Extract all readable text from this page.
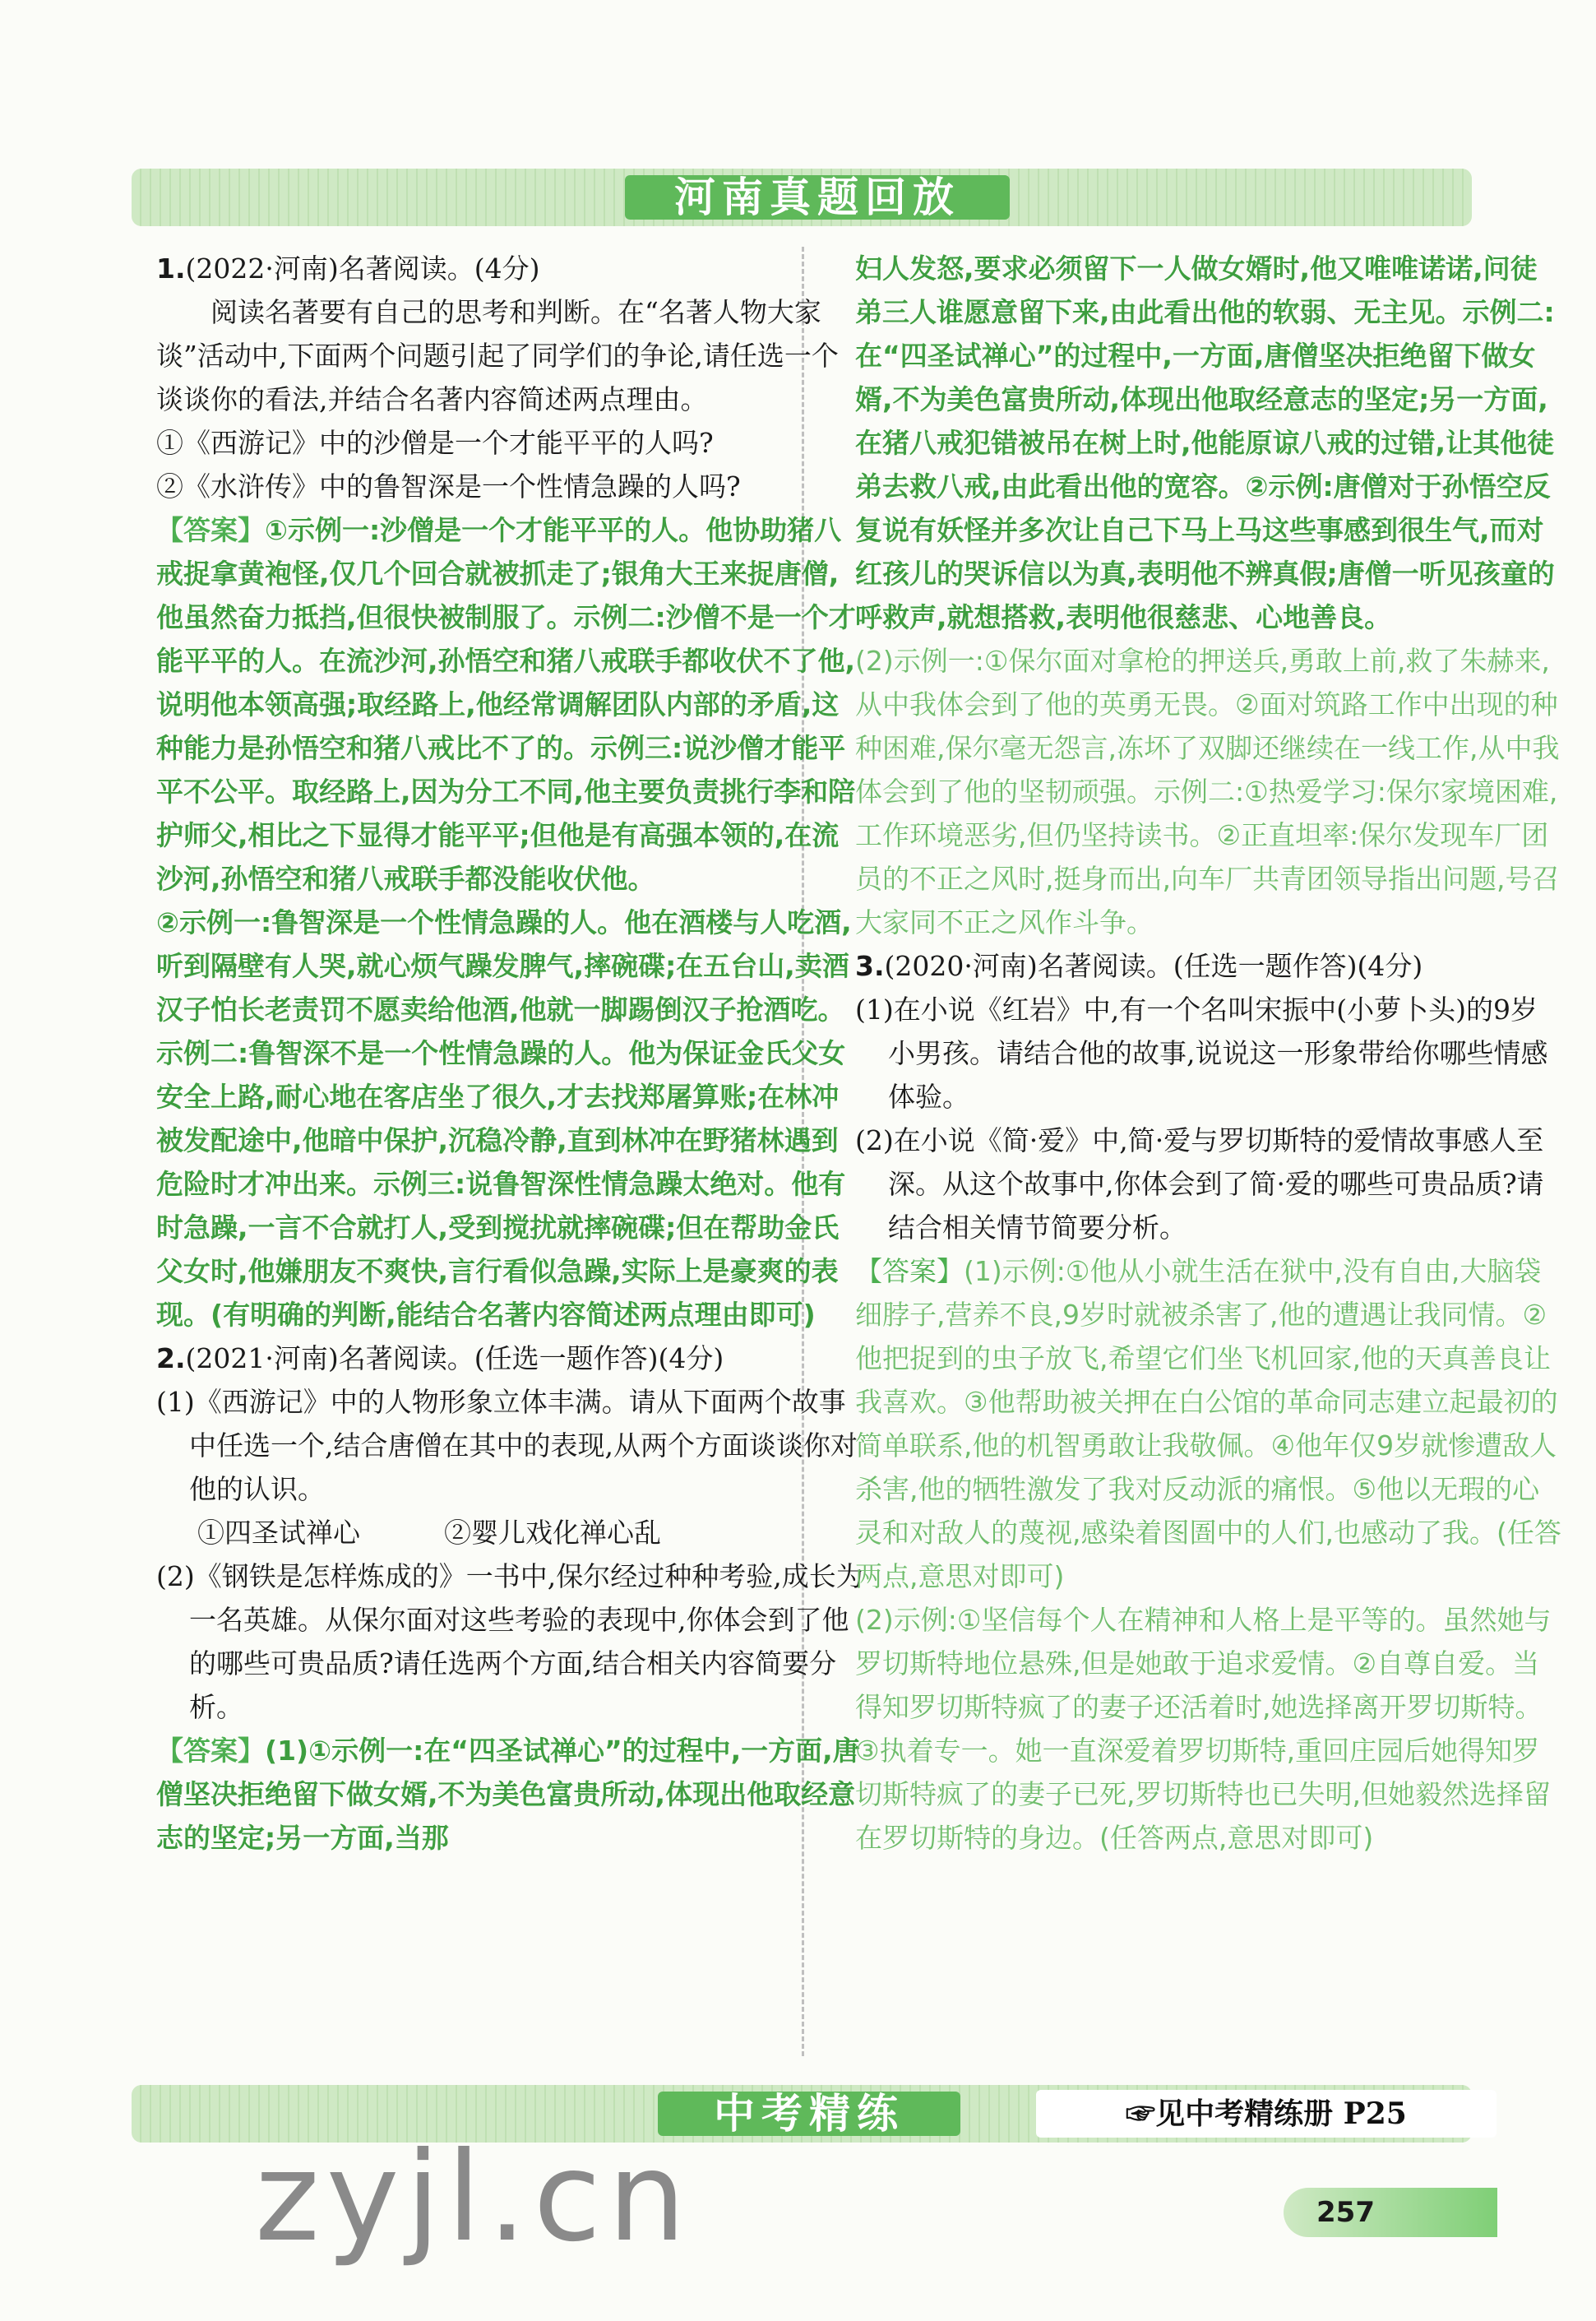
河南真题回放

1.(2022·河南)名著阅读。(4分)

阅读名著要有自己的思考和判断。在“名著人物大家谈”活动中,下面两个问题引起了同学们的争论,请任选一个谈谈你的看法,并结合名著内容简述两点理由。

①《西游记》中的沙僧是一个才能平平的人吗?

②《水浒传》中的鲁智深是一个性情急躁的人吗?

【答案】①示例一:沙僧是一个才能平平的人。他协助猪八戒捉拿黄袍怪,仅几个回合就被抓走了;银角大王来捉唐僧,他虽然奋力抵挡,但很快被制服了。示例二:沙僧不是一个才能平平的人。在流沙河,孙悟空和猪八戒联手都收伏不了他,说明他本领高强;取经路上,他经常调解团队内部的矛盾,这种能力是孙悟空和猪八戒比不了的。示例三:说沙僧才能平平不公平。取经路上,因为分工不同,他主要负责挑行李和陪护师父,相比之下显得才能平平;但他是有高强本领的,在流沙河,孙悟空和猪八戒联手都没能收伏他。

②示例一:鲁智深是一个性情急躁的人。他在酒楼与人吃酒,听到隔壁有人哭,就心烦气躁发脾气,摔碗碟;在五台山,卖酒汉子怕长老责罚不愿卖给他酒,他就一脚踢倒汉子抢酒吃。示例二:鲁智深不是一个性情急躁的人。他为保证金氏父女安全上路,耐心地在客店坐了很久,才去找郑屠算账;在林冲被发配途中,他暗中保护,沉稳冷静,直到林冲在野猪林遇到危险时才冲出来。示例三:说鲁智深性情急躁太绝对。他有时急躁,一言不合就打人,受到搅扰就摔碗碟;但在帮助金氏父女时,他嫌朋友不爽快,言行看似急躁,实际上是豪爽的表现。(有明确的判断,能结合名著内容简述两点理由即可)

2.(2021·河南)名著阅读。(任选一题作答)(4分)

(1)《西游记》中的人物形象立体丰满。请从下面两个故事中任选一个,结合唐僧在其中的表现,从两个方面谈谈你对他的认识。

①四圣试禅心	②婴儿戏化禅心乱

(2)《钢铁是怎样炼成的》一书中,保尔经过种种考验,成长为一名英雄。从保尔面对这些考验的表现中,你体会到了他的哪些可贵品质?请任选两个方面,结合相关内容简要分析。

【答案】(1)①示例一:在“四圣试禅心”的过程中,一方面,唐僧坚决拒绝留下做女婿,不为美色富贵所动,体现出他取经意志的坚定;另一方面,当那

妇人发怒,要求必须留下一人做女婿时,他又唯唯诺诺,问徒弟三人谁愿意留下来,由此看出他的软弱、无主见。示例二:在“四圣试禅心”的过程中,一方面,唐僧坚决拒绝留下做女婿,不为美色富贵所动,体现出他取经意志的坚定;另一方面,在猪八戒犯错被吊在树上时,他能原谅八戒的过错,让其他徒弟去救八戒,由此看出他的宽容。②示例:唐僧对于孙悟空反复说有妖怪并多次让自己下马上马这些事感到很生气,而对红孩儿的哭诉信以为真,表明他不辨真假;唐僧一听见孩童的呼救声,就想搭救,表明他很慈悲、心地善良。

(2)示例一:①保尔面对拿枪的押送兵,勇敢上前,救了朱赫来,从中我体会到了他的英勇无畏。②面对筑路工作中出现的种种困难,保尔毫无怨言,冻坏了双脚还继续在一线工作,从中我体会到了他的坚韧顽强。示例二:①热爱学习:保尔家境困难,工作环境恶劣,但仍坚持读书。②正直坦率:保尔发现车厂团员的不正之风时,挺身而出,向车厂共青团领导指出问题,号召大家同不正之风作斗争。

3.(2020·河南)名著阅读。(任选一题作答)(4分)

(1)在小说《红岩》中,有一个名叫宋振中(小萝卜头)的9岁小男孩。请结合他的故事,说说这一形象带给你哪些情感体验。

(2)在小说《简·爱》中,简·爱与罗切斯特的爱情故事感人至深。从这个故事中,你体会到了简·爱的哪些可贵品质?请结合相关情节简要分析。

【答案】(1)示例:①他从小就生活在狱中,没有自由,大脑袋细脖子,营养不良,9岁时就被杀害了,他的遭遇让我同情。②他把捉到的虫子放飞,希望它们坐飞机回家,他的天真善良让我喜欢。③他帮助被关押在白公馆的革命同志建立起最初的简单联系,他的机智勇敢让我敬佩。④他年仅9岁就惨遭敌人杀害,他的牺牲激发了我对反动派的痛恨。⑤他以无瑕的心灵和对敌人的蔑视,感染着图圄中的人们,也感动了我。(任答两点,意思对即可)

(2)示例:①坚信每个人在精神和人格上是平等的。虽然她与罗切斯特地位悬殊,但是她敢于追求爱情。②自尊自爱。当得知罗切斯特疯了的妻子还活着时,她选择离开罗切斯特。③执着专一。她一直深爱着罗切斯特,重回庄园后她得知罗切斯特疯了的妻子已死,罗切斯特也已失明,但她毅然选择留在罗切斯特的身边。(任答两点,意思对即可)

中考精练	☞见中考精练册 P25
zyjl.cn	257
